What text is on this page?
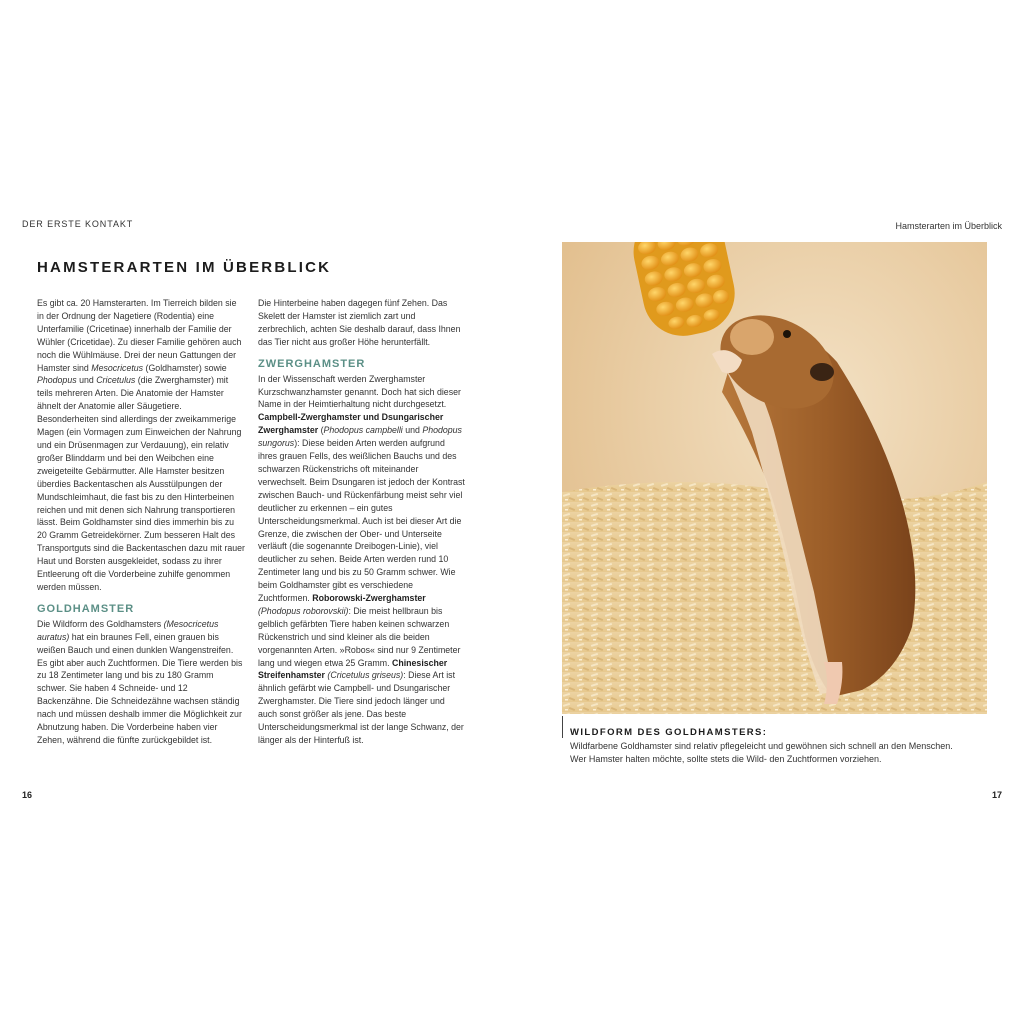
DER ERSTE KONTAKT	Hamsterarten im Überblick
HAMSTERARTEN IM ÜBERBLICK

Es gibt ca. 20 Hamsterarten. Im Tierreich bilden sie in der Ordnung der Nagetiere (Rodentia) eine Unterfamilie (Cricetinae) innerhalb der Familie der Wühler (Cricetidae). Zu dieser Familie gehören auch noch die Wühlmäuse. Drei der neun Gattungen der Hamster sind Mesocricetus (Goldhamster) sowie Phodopus und Cricetulus (die Zwerghamster) mit teils mehreren Arten. Die Anatomie der Hamster ähnelt der Anatomie aller Säugetiere. Besonderheiten sind allerdings der zweikammerige Magen (ein Vormagen zum Einweichen der Nahrung und ein Drüsenmagen zur Verdauung), ein relativ großer Blinddarm und bei den Weibchen eine zweigeteilte Gebärmutter. Alle Hamster besitzen überdies Backentaschen als Ausstülpungen der Mundschleimhaut, die fast bis zu den Hinterbeinen reichen und mit denen sich Nahrung transportieren lässt. Beim Goldhamster sind dies immerhin bis zu 20 Gramm Getreidekörner. Zum besseren Halt des Transportguts sind die Backentaschen dazu mit rauer Haut und Borsten ausgekleidet, sodass zu ihrer Entleerung oft die Vorderbeine zuhilfe genommen werden müssen.

GOLDHAMSTER

Die Wildform des Goldhamsters (Mesocricetus auratus) hat ein braunes Fell, einen grauen bis weißen Bauch und einen dunklen Wangenstreifen. Es gibt aber auch Zuchtformen. Die Tiere werden bis zu 18 Zentimeter lang und bis zu 180 Gramm schwer. Sie haben 4 Schneide- und 12 Backenzähne. Die Schneidezähne wachsen ständig nach und müssen deshalb immer die Möglichkeit zur Abnutzung haben. Die Vorderbeine haben vier Zehen, während die fünfte zurückgebildet ist.

Die Hinterbeine haben dagegen fünf Zehen. Das Skelett der Hamster ist ziemlich zart und zerbrechlich, achten Sie deshalb darauf, dass Ihnen das Tier nicht aus großer Höhe herunterfällt.

ZWERGHAMSTER

In der Wissenschaft werden Zwerghamster Kurzschwanzhamster genannt. Doch hat sich dieser Name in der Heimtierhaltung nicht durchgesetzt. Campbell-Zwerghamster und Dsungarischer Zwerghamster (Phodopus campbelli und Phodopus sungorus): Diese beiden Arten werden aufgrund ihres grauen Fells, des weißlichen Bauchs und des schwarzen Rückenstrichs oft miteinander verwechselt. Beim Dsungaren ist jedoch der Kontrast zwischen Bauch- und Rückenfärbung meist sehr viel deutlicher zu erkennen – ein gutes Unterscheidungsmerkmal. Auch ist bei dieser Art die Grenze, die zwischen der Ober- und Unterseite verläuft (die sogenannte Dreibogen-Linie), viel deutlicher zu sehen. Beide Arten werden rund 10 Zentimeter lang und bis zu 50 Gramm schwer. Wie beim Goldhamster gibt es verschiedene Zuchtformen. Roborowski-Zwerghamster (Phodopus roborovskii): Die meist hellbraun bis gelblich gefärbten Tiere haben keinen schwarzen Rückenstrich und sind kleiner als die beiden vorgenannten Arten. »Robos« sind nur 9 Zentimeter lang und wiegen etwa 25 Gramm. Chinesischer Streifenhamster (Cricetulus griseus): Diese Art ist ähnlich gefärbt wie Campbell- und Dsungarischer Zwerghamster. Die Tiere sind jedoch länger und auch sonst größer als jene. Das beste Unterscheidungsmerkmal ist der lange Schwanz, der länger als der Hinterfuß ist.

WILDFORM DES GOLDHAMSTERS:
Wildfarbene Goldhamster sind relativ pflegeleicht und gewöhnen sich schnell an den Menschen.
Wer Hamster halten möchte, sollte stets die Wild- den Zuchtformen vorziehen.
16	17
